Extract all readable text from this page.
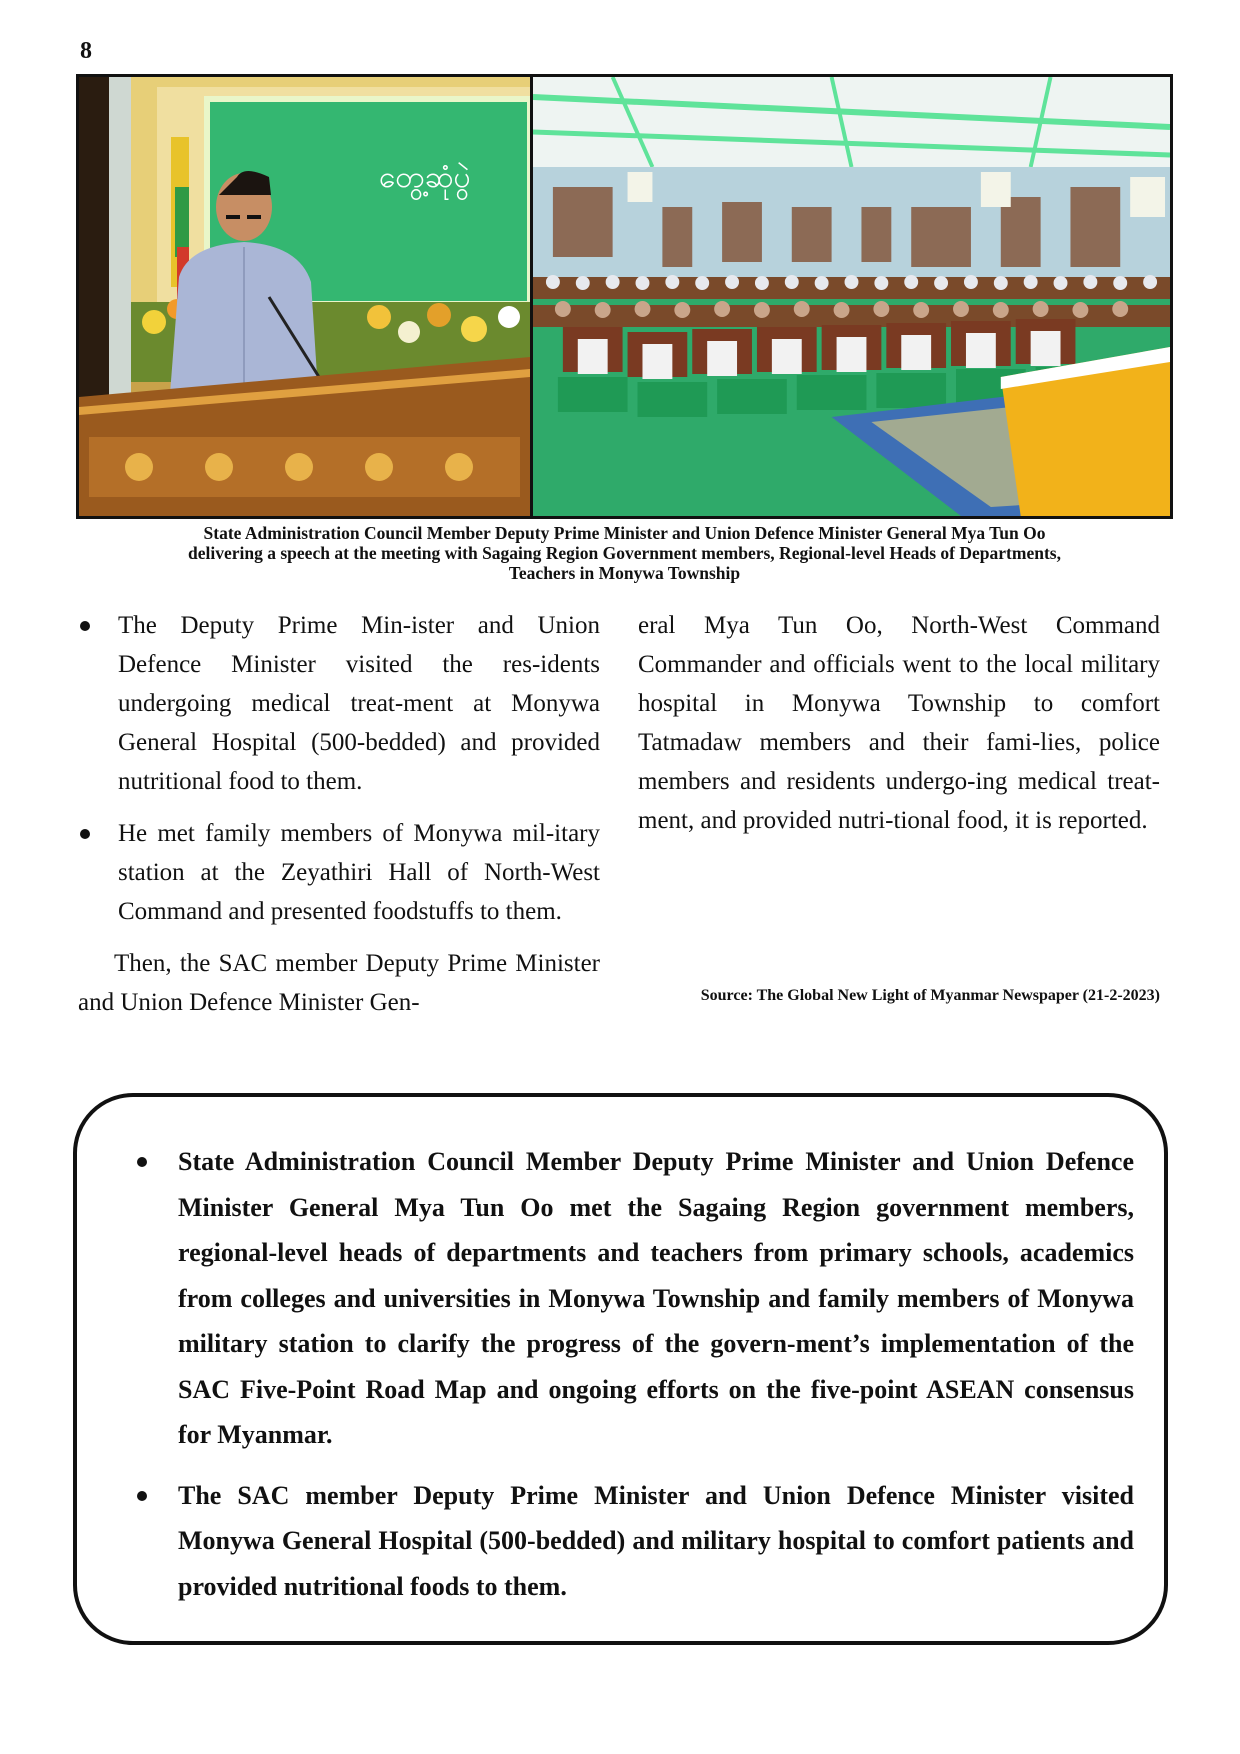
8
တွေ့ဆုံပွဲ
State Administration Council Member Deputy Prime Minister and Union Defence Minister General Mya Tun Oo
delivering a speech at the meeting with Sagaing Region Government members, Regional-level Heads of Departments,
Teachers in Monywa Township
The Deputy Prime Min-ister and Union Defence Minister visited the res-idents undergoing medical treat-ment at Monywa General Hospital (500-bedded) and provided nutritional food to them.
He met family members of Monywa mil-itary station at the Zeyathiri Hall of North-West Command and presented foodstuffs to them.

Then, the SAC member Deputy Prime Minister and Union Defence Minister Gen-

eral Mya Tun Oo, North-West Command Commander and officials went to the local military hospital in Monywa Township to comfort Tatmadaw members and their fami-lies, police members and residents undergo-ing medical treat-ment, and provided nutri-tional food, it is reported.

Source: The Global New Light of Myanmar Newspaper (21-2-2023)
State Administration Council Member Deputy Prime Minister and Union Defence Minister General Mya Tun Oo met the Sagaing Region government members, regional-level heads of departments and teachers from primary schools, academics from colleges and universities in Monywa Township and family members of Monywa military station to clarify the progress of the govern-ment’s implementation of the SAC Five-Point Road Map and ongoing efforts on the five-point ASEAN consensus for Myanmar.
The SAC member Deputy Prime Minister and Union Defence Minister visited Monywa General Hospital (500-bedded) and military hospital to comfort patients and provided nutritional foods to them.
